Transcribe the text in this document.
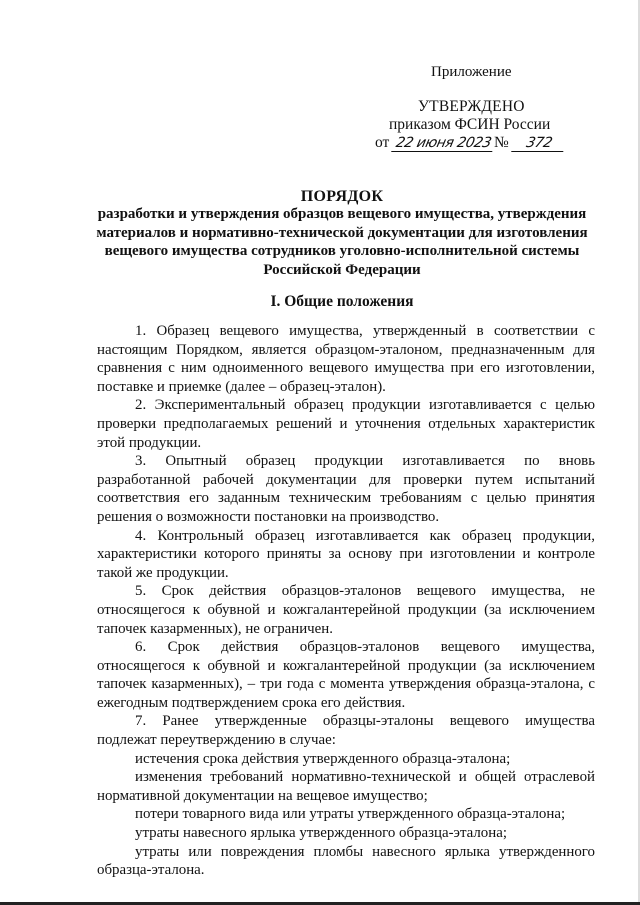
Приложение
УТВЕРЖДЕНО
приказом ФСИН России
от 22 июня 2023№ 372
ПОРЯДОК
разработки и утверждения образцов вещевого имущества, утверждения материалов и нормативно-технической документации для изготовления вещевого имущества сотрудников уголовно-исполнительной системы Российской Федерации
I. Общие положения

1. Образец вещевого имущества, утвержденный в соответствии с настоящим Порядком, является образцом-эталоном, предназначенным для сравнения с ним одноименного вещевого имущества при его изготовлении, поставке и приемке (далее – образец-эталон).

2. Экспериментальный образец продукции изготавливается с целью проверки предполагаемых решений и уточнения отдельных характеристик этой продукции.

3. Опытный образец продукции изготавливается по вновь разработанной рабочей документации для проверки путем испытаний соответствия его заданным техническим требованиям с целью принятия решения о возможности постановки на производство.

4. Контрольный образец изготавливается как образец продукции, характеристики которого приняты за основу при изготовлении и контроле такой же продукции.

5. Срок действия образцов-эталонов вещевого имущества, не относящегося к обувной и кожгалантерейной продукции (за исключением тапочек казарменных), не ограничен.

6. Срок действия образцов-эталонов вещевого имущества, относящегося к обувной и кожгалантерейной продукции (за исключением тапочек казарменных), – три года с момента утверждения образца-эталона, с ежегодным подтверждением срока его действия.

7. Ранее утвержденные образцы-эталоны вещевого имущества подлежат переутверждению в случае:

истечения срока действия утвержденного образца-эталона;

изменения требований нормативно-технической и общей отраслевой нормативной документации на вещевое имущество;

потери товарного вида или утраты утвержденного образца-эталона;

утраты навесного ярлыка утвержденного образца-эталона;

утраты или повреждения пломбы навесного ярлыка утвержденного образца-эталона.
